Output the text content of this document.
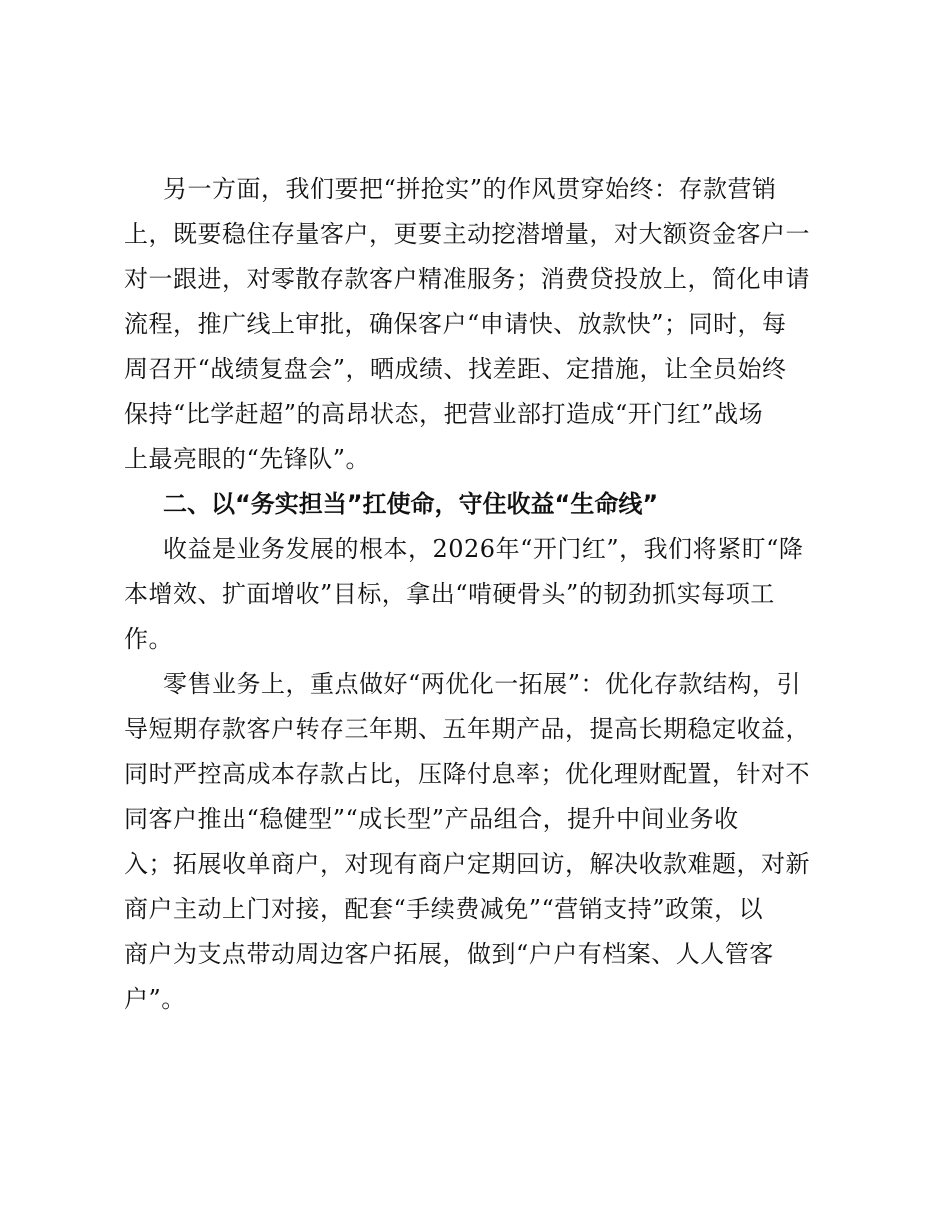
另一方面，我们要把“拼抢实”的作风贯穿始终：存款营销
上，既要稳住存量客户，更要主动挖潜增量，对大额资金客户一
对一跟进，对零散存款客户精准服务；消费贷投放上，简化申请
流程，推广线上审批，确保客户“申请快、放款快”；同时，每
周召开“战绩复盘会”，晒成绩、找差距、定措施，让全员始终
保持“比学赶超”的高昂状态，把营业部打造成“开门红”战场
上最亮眼的“先锋队”。
二、以“务实担当”扛使命，守住收益“生命线”
收益是业务发展的根本，2026年“开门红”，我们将紧盯“降
本增效、扩面增收”目标，拿出“啃硬骨头”的韧劲抓实每项工
作。
零售业务上，重点做好“两优化一拓展”：优化存款结构，引
导短期存款客户转存三年期、五年期产品，提高长期稳定收益，
同时严控高成本存款占比，压降付息率；优化理财配置，针对不
同客户推出“稳健型”“成长型”产品组合，提升中间业务收
入；拓展收单商户，对现有商户定期回访，解决收款难题，对新
商户主动上门对接，配套“手续费减免”“营销支持”政策，以
商户为支点带动周边客户拓展，做到“户户有档案、人人管客
户”。
